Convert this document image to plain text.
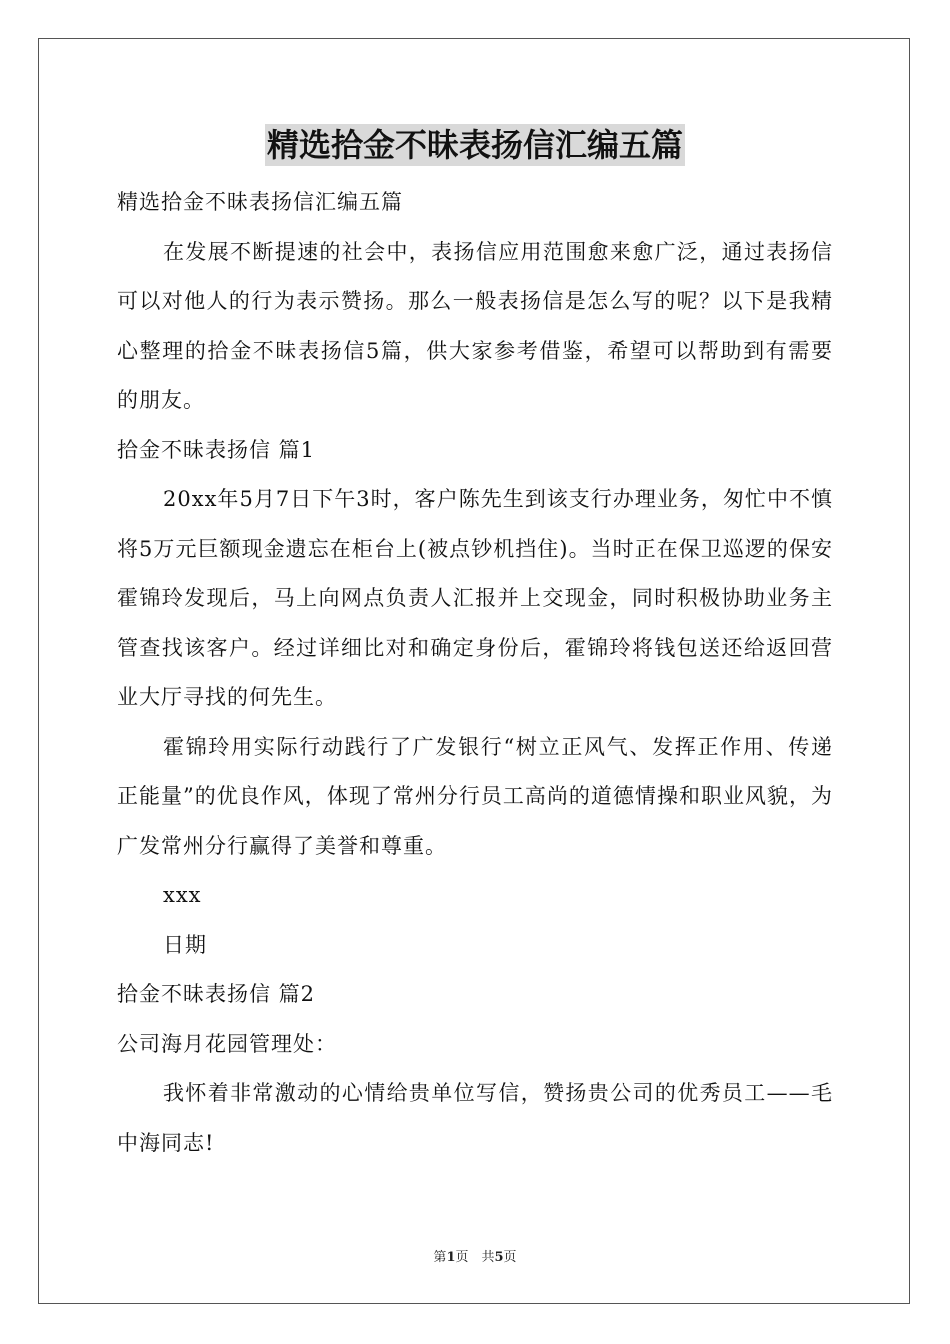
精选拾金不昧表扬信汇编五篇

精选拾金不昧表扬信汇编五篇

在发展不断提速的社会中，表扬信应用范围愈来愈广泛，通过表扬信可以对他人的行为表示赞扬。那么一般表扬信是怎么写的呢？以下是我精心整理的拾金不昧表扬信5篇，供大家参考借鉴，希望可以帮助到有需要的朋友。

拾金不昧表扬信 篇1

20xx年5月7日下午3时，客户陈先生到该支行办理业务，匆忙中不慎将5万元巨额现金遗忘在柜台上(被点钞机挡住)。当时正在保卫巡逻的保安霍锦玲发现后，马上向网点负责人汇报并上交现金，同时积极协助业务主管查找该客户。经过详细比对和确定身份后，霍锦玲将钱包送还给返回营业大厅寻找的何先生。

霍锦玲用实际行动践行了广发银行“树立正风气、发挥正作用、传递正能量”的优良作风，体现了常州分行员工高尚的道德情操和职业风貌，为广发常州分行赢得了美誉和尊重。

xxx

日期

拾金不昧表扬信 篇2

公司海月花园管理处：

我怀着非常激动的心情给贵单位写信，赞扬贵公司的优秀员工——毛中海同志!

第1页　共5页
